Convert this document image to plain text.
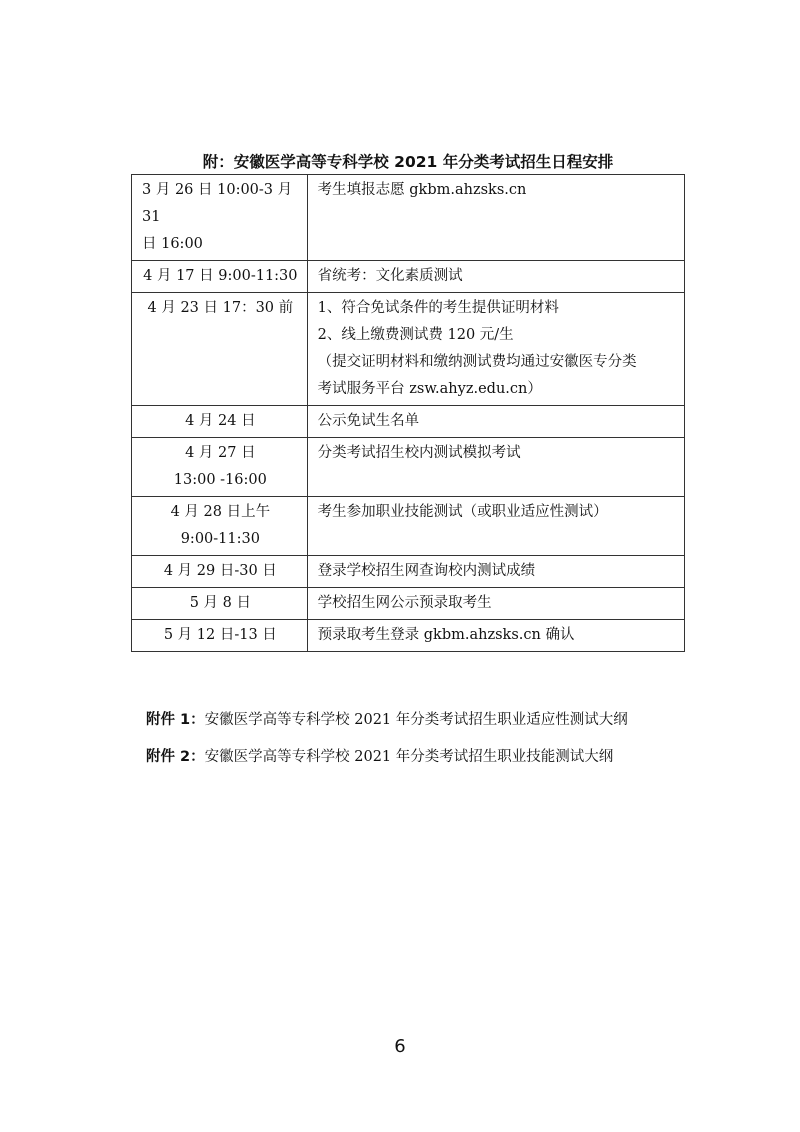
附：安徽医学高等专科学校 2021 年分类考试招生日程安排
3 月 26 日 10:00-3 月 31
日 16:00	考生填报志愿 gkbm.ahzsks.cn

4 月 17 日 9:00-11:30	省统考：文化素质测试

4 月 23 日 17：30 前	1、符合免试条件的考生提供证明材料
2、线上缴费测试费 120 元/生
（提交证明材料和缴纳测试费均通过安徽医专分类
考试服务平台 zsw.ahyz.edu.cn）

4 月 24 日	公示免试生名单

4 月 27 日
13:00 -16:00	分类考试招生校内测试模拟考试

4 月 28 日上午
9:00-11:30	考生参加职业技能测试（或职业适应性测试）

4 月 29 日-30 日	登录学校招生网查询校内测试成绩

5 月 8 日	学校招生网公示预录取考生

5 月 12 日-13 日	预录取考生登录 gkbm.ahzsks.cn 确认
附件 1：安徽医学高等专科学校 2021 年分类考试招生职业适应性测试大纲
附件 2：安徽医学高等专科学校 2021 年分类考试招生职业技能测试大纲
6
